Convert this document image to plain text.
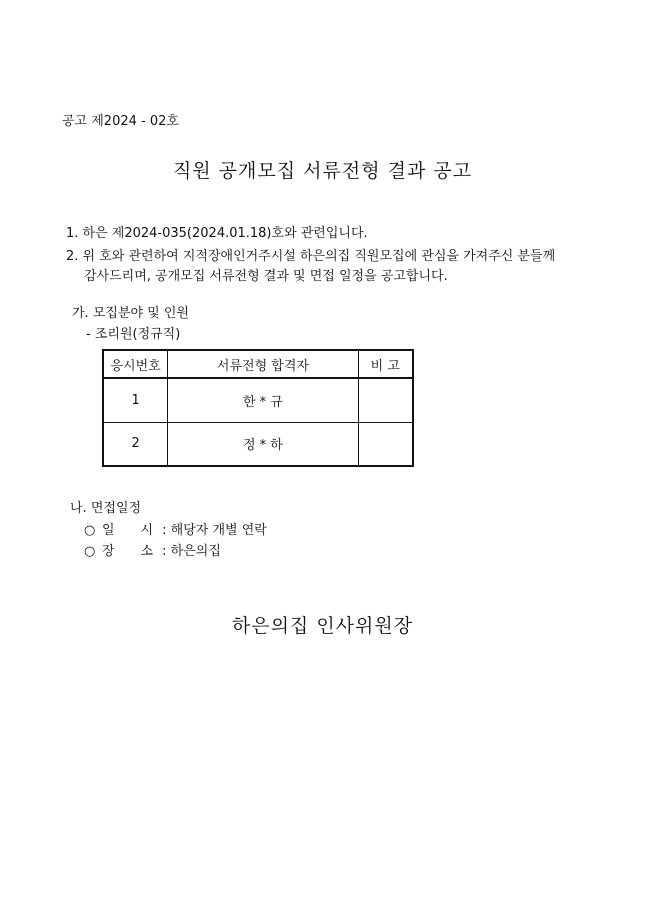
공고 제2024 - 02호
직원 공개모집 서류전형 결과 공고
1. 하은 제2024-035(2024.01.18)호와 관련입니다.
2. 위 호와 관련하여 지적장애인거주시설 하은의집 직원모집에 관심을 가져주신 분들께
감사드리며, 공개모집 서류전형 결과 및 면접 일정을 공고합니다.
가. 모집분야 및 인원
- 조리원(정규직)
응시번호	서류전형 합격자	비 고
1	한 * 규	
2	정 * 하	
나. 면접일정
○ 일　　시 : 해당자 개별 연락
○ 장　　소 : 하은의집
하은의집 인사위원장
